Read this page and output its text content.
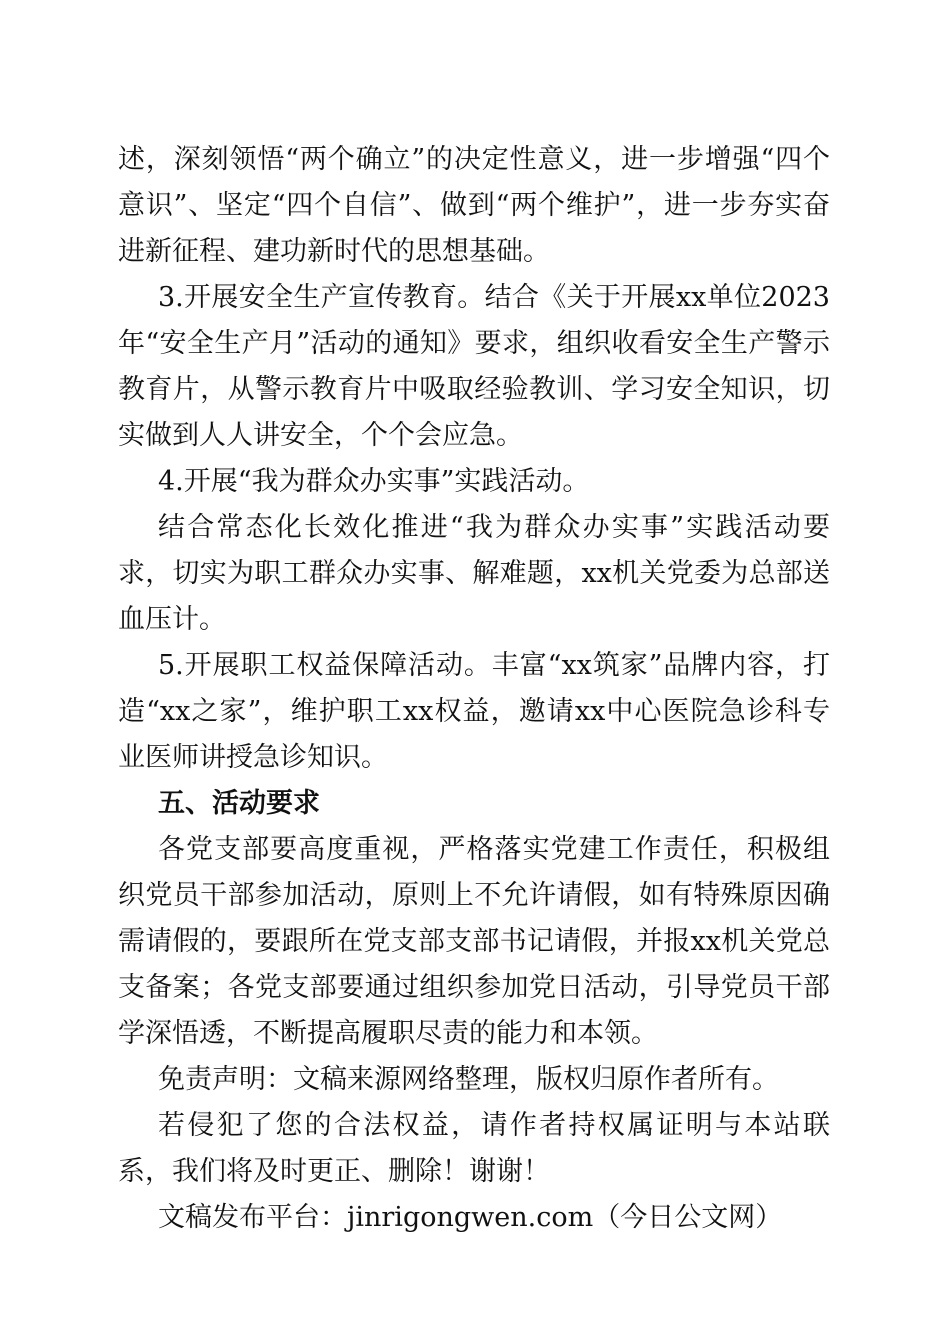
述，深刻领悟“两个确立”的决定性意义，进一步增强“四个意识”、坚定“四个自信”、做到“两个维护”，进一步夯实奋进新征程、建功新时代的思想基础。

3.开展安全生产宣传教育。结合《关于开展xx单位2023年“安全生产月”活动的通知》要求，组织收看安全生产警示教育片，从警示教育片中吸取经验教训、学习安全知识，切实做到人人讲安全，个个会应急。

4.开展“我为群众办实事”实践活动。

结合常态化长效化推进“我为群众办实事”实践活动要求，切实为职工群众办实事、解难题，xx机关党委为总部送血压计。

5.开展职工权益保障活动。丰富“xx筑家”品牌内容，打造“xx之家”，维护职工xx权益，邀请xx中心医院急诊科专业医师讲授急诊知识。

五、活动要求

各党支部要高度重视，严格落实党建工作责任，积极组织党员干部参加活动，原则上不允许请假，如有特殊原因确需请假的，要跟所在党支部支部书记请假，并报xx机关党总支备案；各党支部要通过组织参加党日活动，引导党员干部学深悟透，不断提高履职尽责的能力和本领。

免责声明：文稿来源网络整理，版权归原作者所有。

若侵犯了您的合法权益，请作者持权属证明与本站联系，我们将及时更正、删除！谢谢！

文稿发布平台：jinrigongwen.com（今日公文网）
